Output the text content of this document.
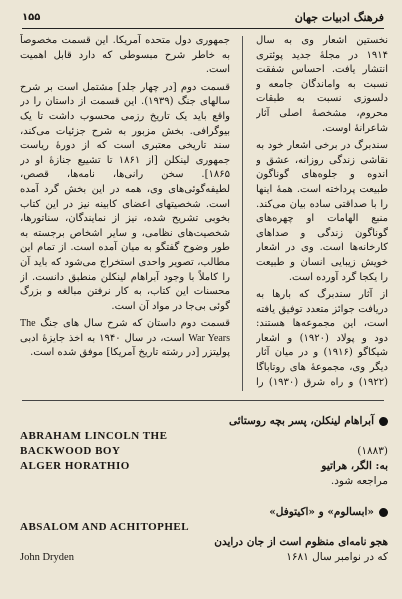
فرهنگ ادبیات جهان
۱۵۵

نخستین اشعار وی به سال ۱۹۱۴ در مجلهٔ جدید پوئتری انتشار یافت. احساس شفقت نسبت به واماندگان جامعه و دلسوزی نسبت به طبقات محروم، مشخصهٔ اصلی آثار شاعرانهٔ اوست.

سندبرگ در برخی اشعار خود به نقاشی زندگی روزانه، عشق و اندوه و جلوه‌های گوناگون طبیعت پرداخته است. همهٔ اینها را با صداقتی ساده بیان می‌کند. منبع الهامات او چهره‌های گوناگون زندگی و صداهای کارخانه‌ها است. وی در اشعار خویش زیبایی انسان و طبیعت را یکجا گرد آورده است.

از آثار سندبرگ که بارها به دریافت جوائز متعدد توفیق یافته است، این مجموعه‌ها هستند: دود و پولاد (۱۹۲۰) و اشعار شیکاگو (۱۹۱۶) و در میان آثار دیگر وی، مجموعهٔ های روتاباگا (۱۹۲۲) و راه شرق (۱۹۳۰) را

جمهوری دول متحده آمریکا. این قسمت مخصوصاً به خاطر شرح مبسوطی که دارد قابل اهمیت است.

قسمت دوم [در چهار جلد] مشتمل است بر شرح سالهای جنگ (۱۹۳۹). این قسمت از داستان را در واقع باید یک تاریخ رزمی محسوب داشت تا یک بیوگرافی. بخش مزبور به شرح جزئیات می‌کند، سند تاریخی معتبری است که از دورهٔ ریاست جمهوری لینکلن [از ۱۸۶۱ تا تشییع جنازهٔ او در ۱۸۶۵]. سخن رانی‌ها، نامه‌ها، قصص، لطیفه‌گوئی‌های وی، همه در این بخش گرد آمده است. شخصیتهای اعضای کابینه نیز در این کتاب بخوبی تشریح شده، نیز از نمایندگان، سناتورها، شخصیت‌های نظامی، و سایر اشخاص برجسته به طور وضوح گفتگو به میان آمده است. از تمام این مطالب، تصویر واحدی استخراج می‌شود که باید آن را کاملاً با وجود آبراهام لینکلن منطبق دانست. از محسنات این کتاب، به کار نرفتن مبالغه و بزرگ گوئی بی‌جا در مواد آن است.

قسمت دوم داستان که شرح سال های جنگ The War Years است، در سال ۱۹۴۰ به اخذ جایزهٔ ادبی پولیتزر [در رشته تاریخ آمریکا] موفق شده است.

آبراهام لینکلن، پسر بچه روستائی
ABRAHAM LINCOLN THE
(۱۸۸۳)
BACKWOOD BOY
به: الگر، هراتیو
ALGER HORATHIO
مراجعه شود.
«ابسالوم» و «اکیتوفل»
ABSALOM AND ACHITOPHEL
هجو نامه‌ای منظوم است از جان درایدن
که در نوامبر سال ۱۶۸۱
John Dryden
